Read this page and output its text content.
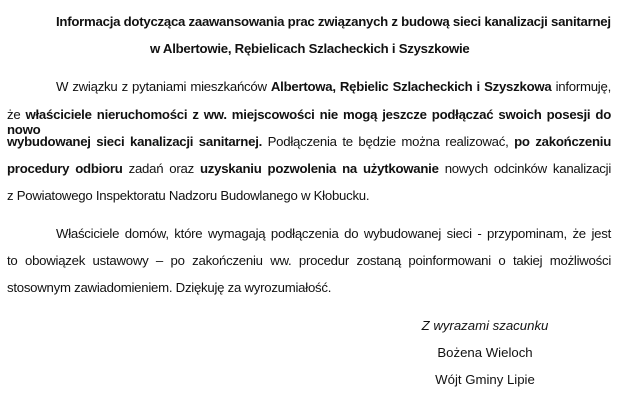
Informacja dotycząca zaawansowania prac związanych z budową sieci kanalizacji sanitarnej
w Albertowie, Rębielicach Szlacheckich i Szyszkowie
W związku z pytaniami mieszkańców Albertowa, Rębielic Szlacheckich i Szyszkowa informuję,
że właściciele nieruchomości z ww. miejscowości nie mogą jeszcze podłączać swoich posesji do nowo
wybudowanej sieci kanalizacji sanitarnej. Podłączenia te będzie można realizować, po zakończeniu
procedury odbioru zadań oraz uzyskaniu pozwolenia na użytkowanie nowych odcinków kanalizacji
z Powiatowego Inspektoratu Nadzoru Budowlanego w Kłobucku.
Właściciele domów, które wymagają podłączenia do wybudowanej sieci - przypominam, że jest
to obowiązek ustawowy – po zakończeniu ww. procedur zostaną poinformowani o takiej możliwości
stosownym zawiadomieniem. Dziękuję za wyrozumiałość.
Z wyrazami szacunku
Bożena Wieloch
Wójt Gminy Lipie
